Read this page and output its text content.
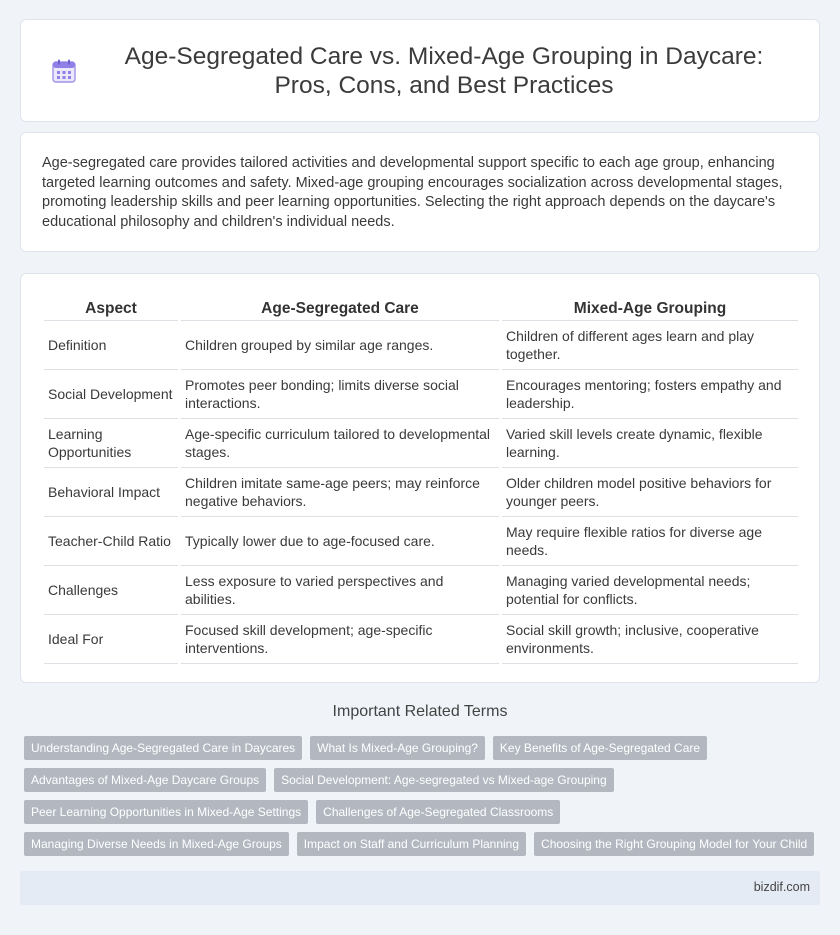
Age-Segregated Care vs. Mixed-Age Grouping in Daycare: Pros, Cons, and Best Practices

Age-segregated care provides tailored activities and developmental support specific to each age group, enhancing targeted learning outcomes and safety. Mixed-age grouping encourages socialization across developmental stages, promoting leadership skills and peer learning opportunities. Selecting the right approach depends on the daycare's educational philosophy and children's individual needs.

Aspect	Age-Segregated Care	Mixed-Age Grouping
Definition	Children grouped by similar age ranges.	Children of different ages learn and play together.
Social Development	Promotes peer bonding; limits diverse social interactions.	Encourages mentoring; fosters empathy and leadership.
Learning Opportunities	Age-specific curriculum tailored to developmental stages.	Varied skill levels create dynamic, flexible learning.
Behavioral Impact	Children imitate same-age peers; may reinforce negative behaviors.	Older children model positive behaviors for younger peers.
Teacher-Child Ratio	Typically lower due to age-focused care.	May require flexible ratios for diverse age needs.
Challenges	Less exposure to varied perspectives and abilities.	Managing varied developmental needs; potential for conflicts.
Ideal For	Focused skill development; age-specific interventions.	Social skill growth; inclusive, cooperative environments.
Important Related Terms
Understanding Age-Segregated Care in Daycares	What Is Mixed-Age Grouping?	Key Benefits of Age-Segregated Care
Advantages of Mixed-Age Daycare Groups	Social Development: Age-segregated vs Mixed-age Grouping
Peer Learning Opportunities in Mixed-Age Settings	Challenges of Age-Segregated Classrooms
Managing Diverse Needs in Mixed-Age Groups	Impact on Staff and Curriculum Planning	Choosing the Right Grouping Model for Your Child
bizdif.com
